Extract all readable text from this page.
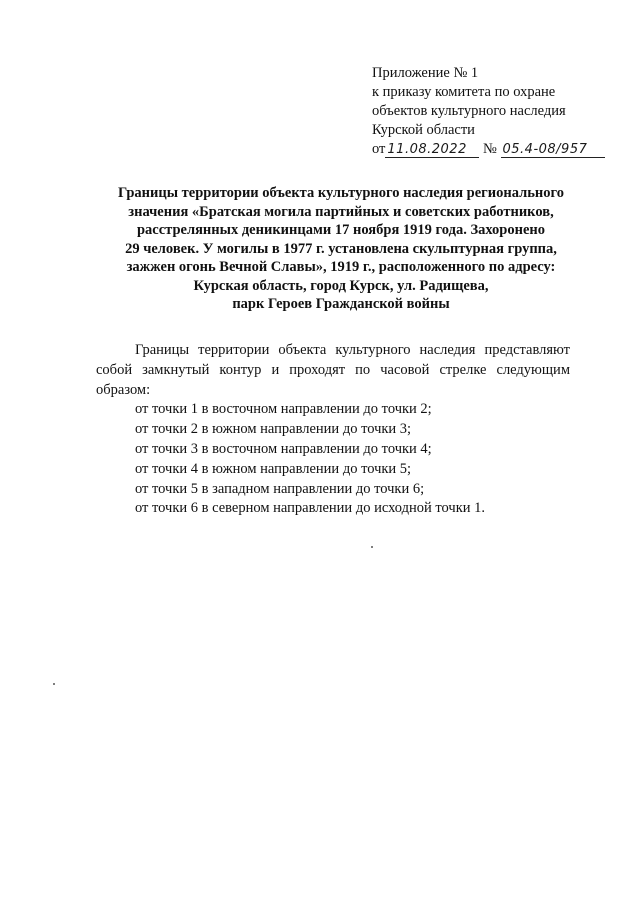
Приложение № 1
к приказу комитета по охране
объектов культурного наследия
Курской области
от 11.08.2022 № 05.4-08/957
Границы территории объекта культурного наследия регионального
значения «Братская могила партийных и советских работников,
расстрелянных деникинцами 17 ноября 1919 года. Захоронено
29 человек. У могилы в 1977 г. установлена скульптурная группа,
зажжен огонь Вечной Славы», 1919 г., расположенного по адресу:
Курская область, город Курск, ул. Радищева,
парк Героев Гражданской войны

Границы территории объекта культурного наследия представляют собой замкнутый контур и проходят по часовой стрелке следующим образом:

от точки 1 в восточном направлении до точки 2;

от точки 2 в южном направлении до точки 3;

от точки 3 в восточном направлении до точки 4;

от точки 4 в южном направлении до точки 5;

от точки 5 в западном направлении до точки 6;

от точки 6 в северном направлении до исходной точки 1.
